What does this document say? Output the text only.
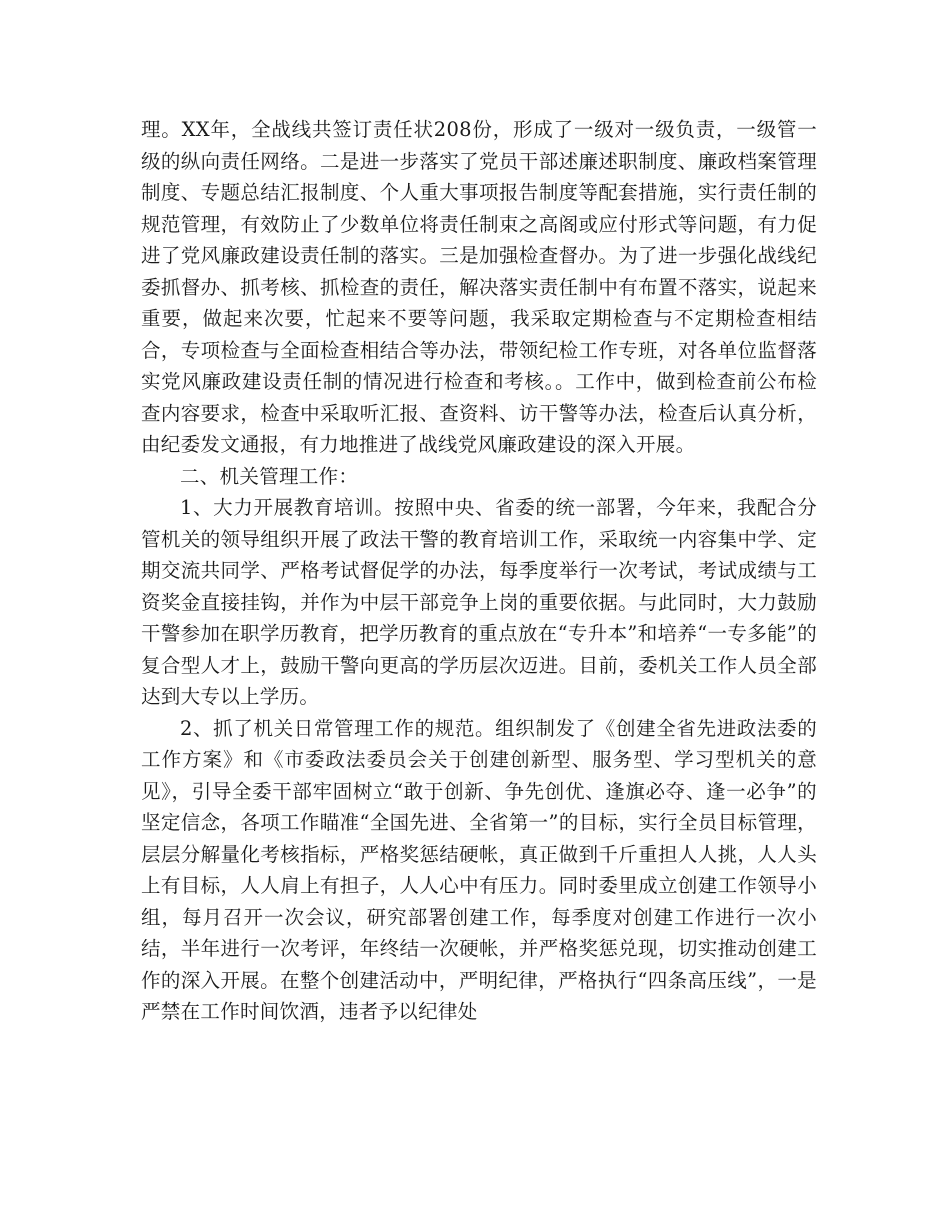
理。XX年，全战线共签订责任状208份，形成了一级对一级负责，一级管一级的纵向责任网络。二是进一步落实了党员干部述廉述职制度、廉政档案管理制度、专题总结汇报制度、个人重大事项报告制度等配套措施，实行责任制的规范管理，有效防止了少数单位将责任制束之高阁或应付形式等问题，有力促进了党风廉政建设责任制的落实。三是加强检查督办。为了进一步强化战线纪委抓督办、抓考核、抓检查的责任，解决落实责任制中有布置不落实，说起来重要，做起来次要，忙起来不要等问题，我采取定期检查与不定期检查相结合，专项检查与全面检查相结合等办法，带领纪检工作专班，对各单位监督落实党风廉政建设责任制的情况进行检查和考核。。工作中，做到检查前公布检查内容要求，检查中采取听汇报、查资料、访干警等办法，检查后认真分析，由纪委发文通报，有力地推进了战线党风廉政建设的深入开展。

二、机关管理工作：

1、大力开展教育培训。按照中央、省委的统一部署，今年来，我配合分管机关的领导组织开展了政法干警的教育培训工作，采取统一内容集中学、定期交流共同学、严格考试督促学的办法，每季度举行一次考试，考试成绩与工资奖金直接挂钩，并作为中层干部竞争上岗的重要依据。与此同时，大力鼓励干警参加在职学历教育，把学历教育的重点放在“专升本”和培养“一专多能”的复合型人才上，鼓励干警向更高的学历层次迈进。目前，委机关工作人员全部达到大专以上学历。

2、抓了机关日常管理工作的规范。组织制发了《创建全省先进政法委的工作方案》和《市委政法委员会关于创建创新型、服务型、学习型机关的意见》，引导全委干部牢固树立“敢于创新、争先创优、逢旗必夺、逢一必争”的坚定信念，各项工作瞄准“全国先进、全省第一”的目标，实行全员目标管理，层层分解量化考核指标，严格奖惩结硬帐，真正做到千斤重担人人挑，人人头上有目标，人人肩上有担子，人人心中有压力。同时委里成立创建工作领导小组，每月召开一次会议，研究部署创建工作，每季度对创建工作进行一次小结，半年进行一次考评，年终结一次硬帐，并严格奖惩兑现，切实推动创建工作的深入开展。在整个创建活动中，严明纪律，严格执行“四条高压线”，一是严禁在工作时间饮酒，违者予以纪律处
